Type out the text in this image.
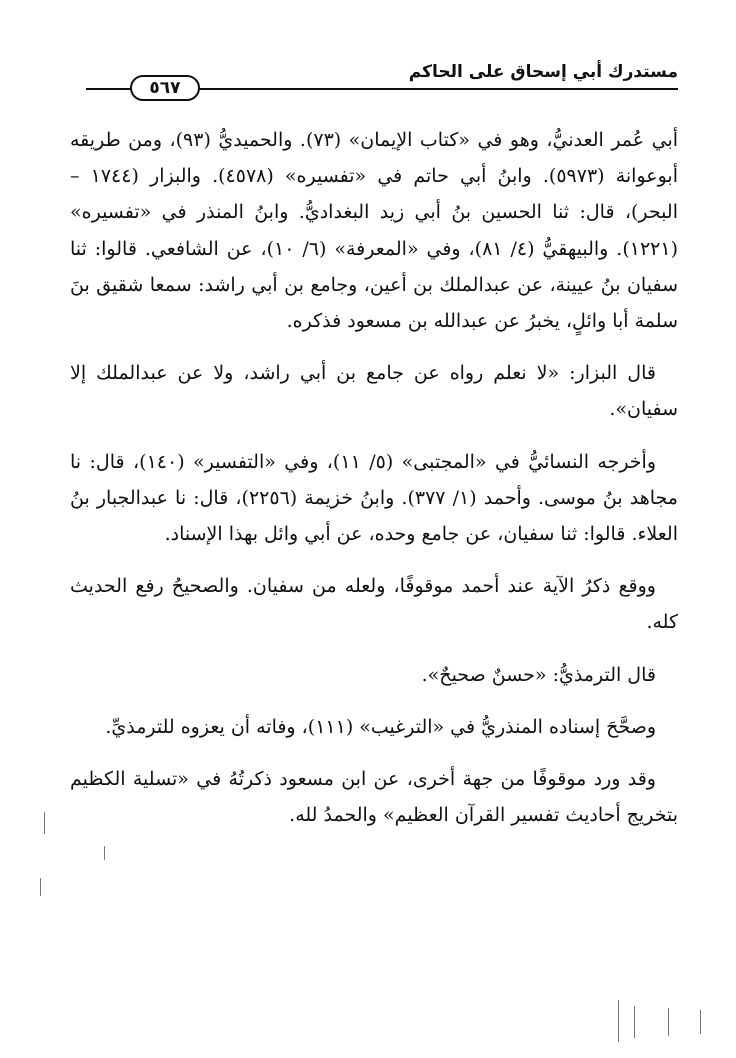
مستدرك أبي إسحاق على الحاكم
٥٦٧

أبي عُمر العدنيُّ، وهو في «كتاب الإيمان» (٧٣). والحميديُّ (٩٣)، ومن طريقه أبوعوانة (٥٩٧٣). وابنُ أبي حاتم في «تفسيره» (٤٥٧٨). والبزار (١٧٤٤ – البحر)، قال: ثنا الحسين بنُ أبي زيد البغداديُّ. وابنُ المنذر في «تفسيره» (١٢٢١). والبيهقيُّ (٤/ ٨١)، وفي «المعرفة» (٦/ ١٠)، عن الشافعي. قالوا: ثنا سفيان بنُ عيينة، عن عبدالملك بن أعين، وجامع بن أبي راشد: سمعا شقيق بنَ سلمة أبا وائلٍ، يخبرُ عن عبدالله بن مسعود فذكره.

قال البزار: «لا نعلم رواه عن جامع بن أبي راشد، ولا عن عبدالملك إلا سفيان».

وأخرجه النسائيُّ في «المجتبى» (٥/ ١١)، وفي «التفسير» (١٤٠)، قال: نا مجاهد بنُ موسى. وأحمد (١/ ٣٧٧). وابنُ خزيمة (٢٢٥٦)، قال: نا عبدالجبار بنُ العلاء. قالوا: ثنا سفيان، عن جامع وحده، عن أبي وائل بهذا الإسناد.

ووقع ذكرُ الآية عند أحمد موقوفًا، ولعله من سفيان. والصحيحُ رفع الحديث كله.

قال الترمذيُّ: «حسنٌ صحيحٌ».

وصحَّحَ إسناده المنذريُّ في «الترغيب» (١١١)، وفاته أن يعزوه للترمذيِّ.

وقد ورد موقوفًا من جهة أخرى، عن ابن مسعود ذكرتُهُ في «تسلية الكظيم بتخريج أحاديث تفسير القرآن العظيم» والحمدُ لله.
